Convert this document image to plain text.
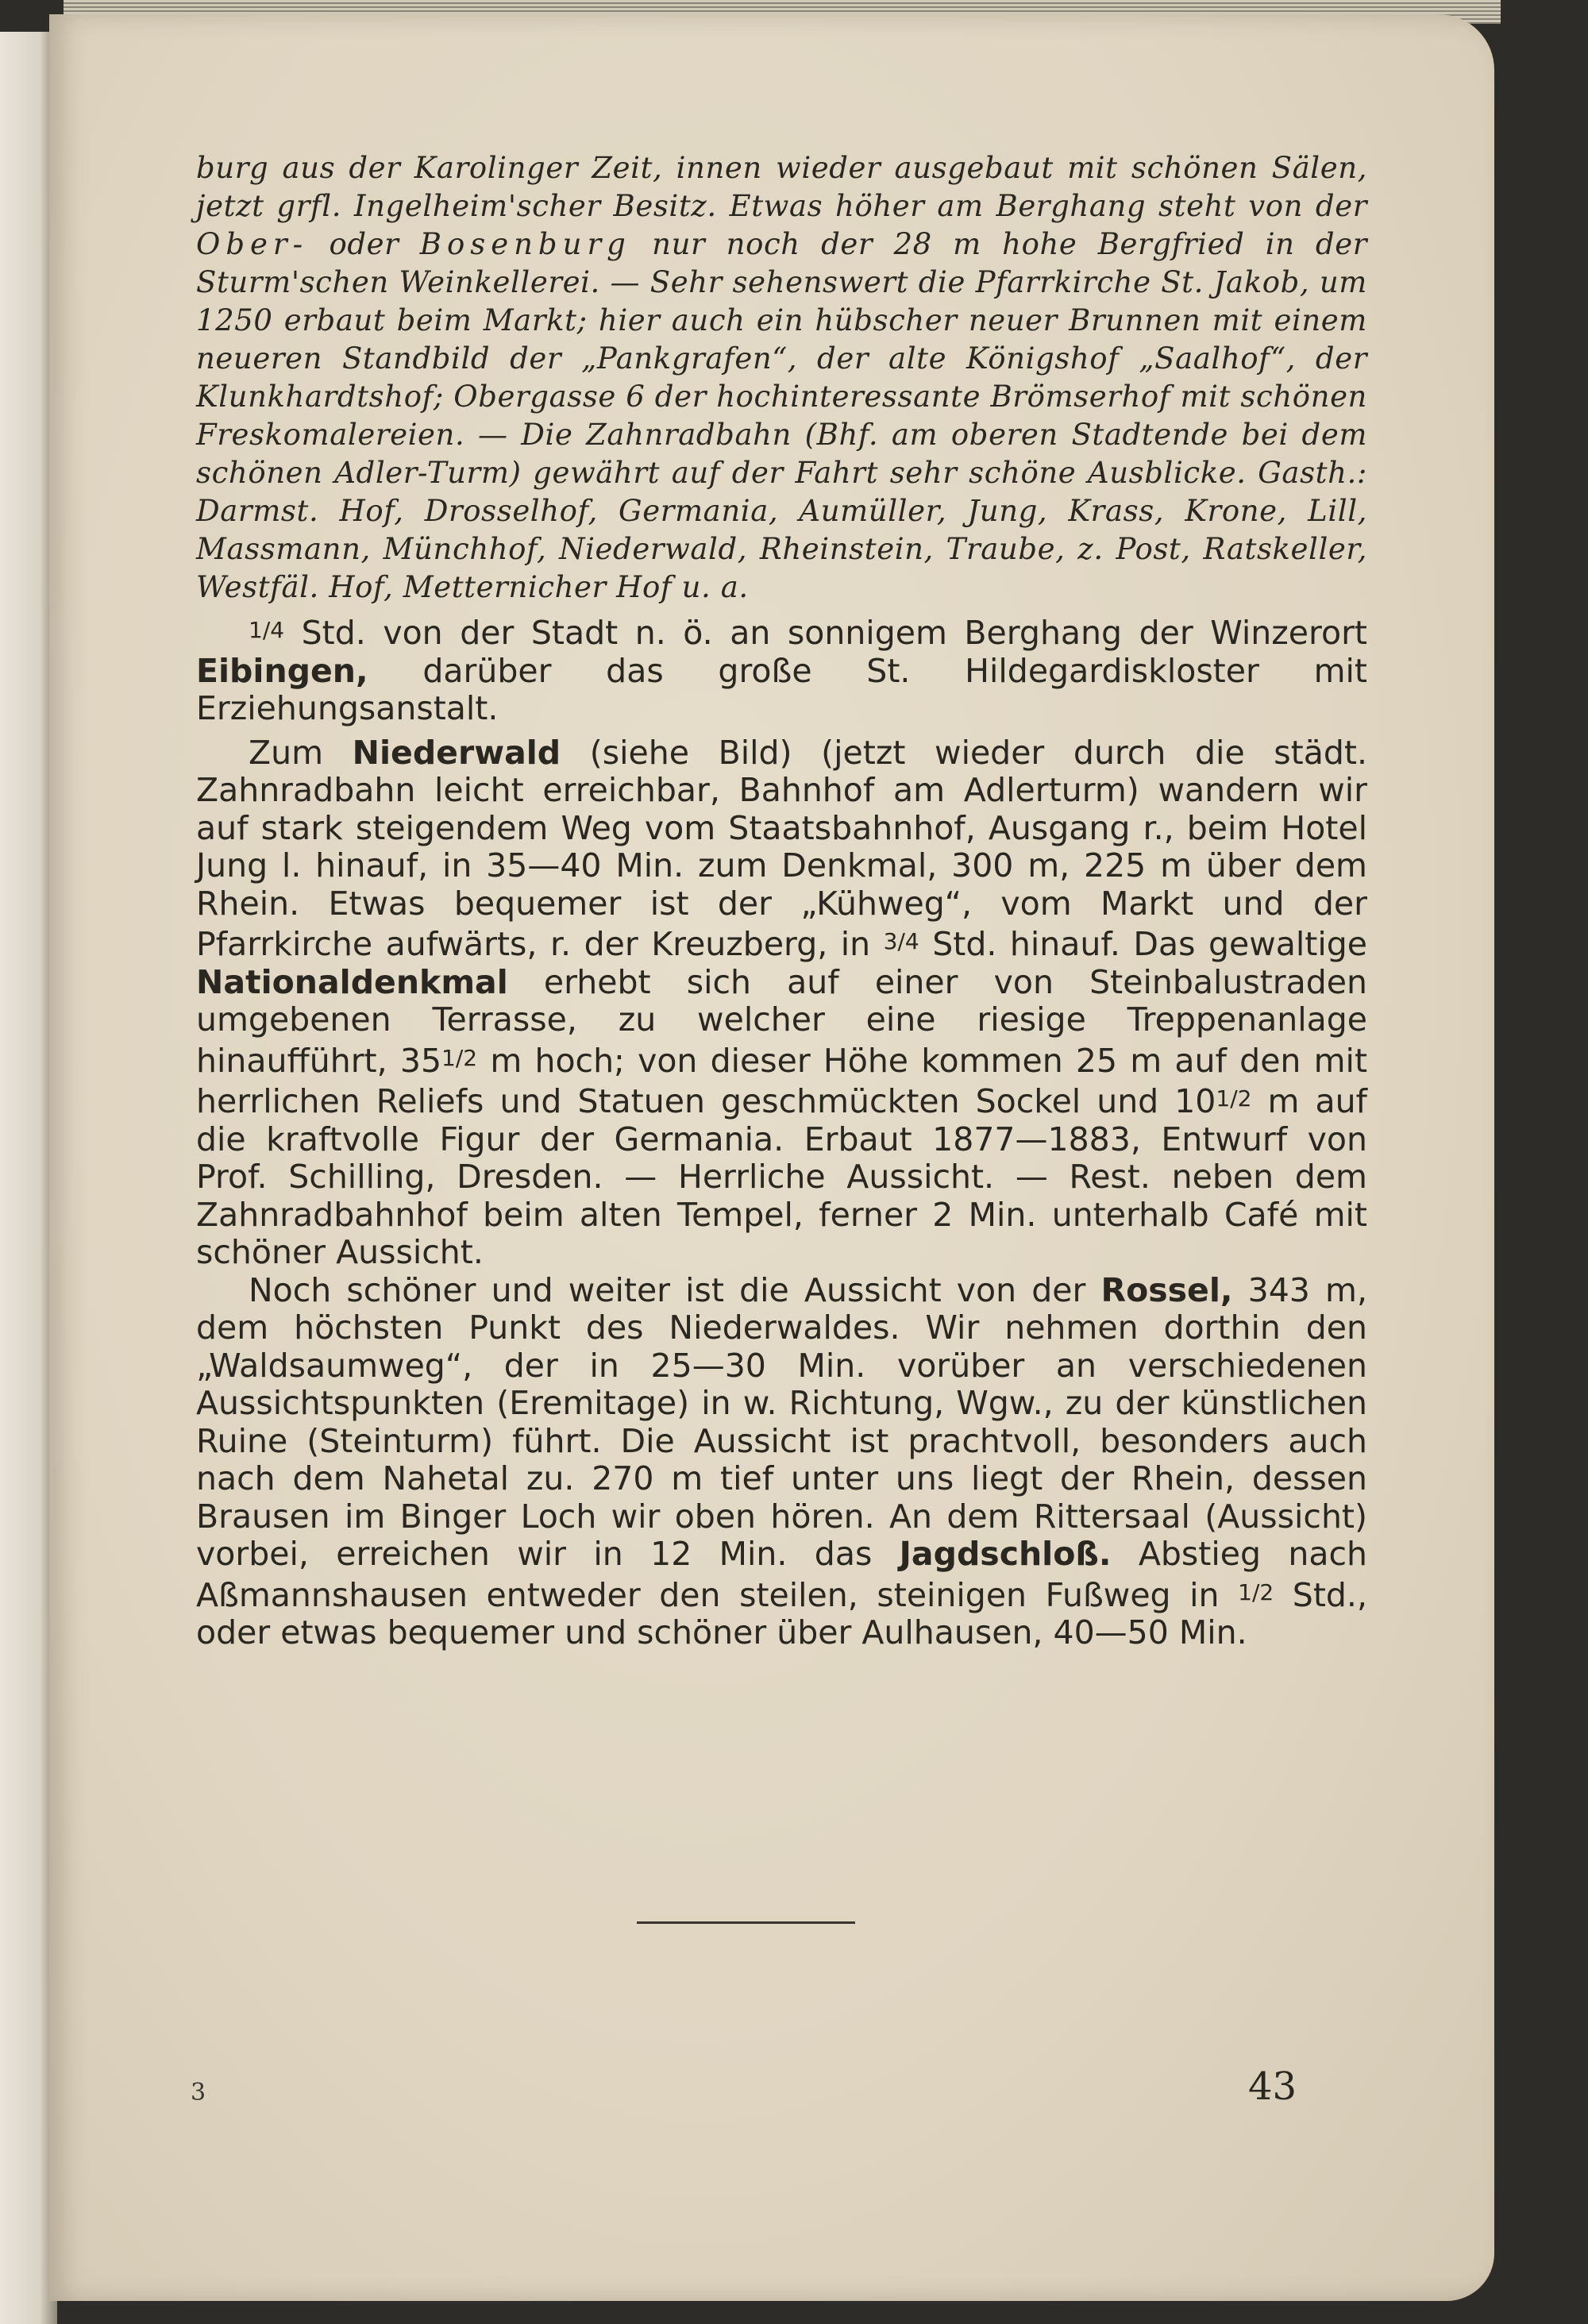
burg aus der Karolinger Zeit, innen wieder ausgebaut mit schönen Sälen, jetzt grfl. Ingelheim'scher Besitz. Etwas höher am Berghang steht von der Ober- oder Bosenburg nur noch der 28 m hohe Bergfried in der Sturm'schen Weinkellerei. — Sehr sehenswert die Pfarrkirche St. Jakob, um 1250 erbaut beim Markt; hier auch ein hübscher neuer Brunnen mit einem neueren Standbild der „Pankgrafen“, der alte Königshof „Saalhof“, der Klunkhardtshof; Obergasse 6 der hochinteressante Brömserhof mit schönen Freskomalereien. — Die Zahnradbahn (Bhf. am oberen Stadtende bei dem schönen Adler-Turm) gewährt auf der Fahrt sehr schöne Ausblicke. Gasth.: Darmst. Hof, Drosselhof, Germania, Aumüller, Jung, Krass, Krone, Lill, Massmann, Münchhof, Niederwald, Rheinstein, Traube, z. Post, Ratskeller, Westfäl. Hof, Metternicher Hof u. a.

1/4 Std. von der Stadt n. ö. an sonnigem Berghang der Winzerort Eibingen, darüber das große St. Hildegardiskloster mit Erziehungsanstalt.

Zum Niederwald (siehe Bild) (jetzt wieder durch die städt. Zahnradbahn leicht erreichbar, Bahnhof am Adlerturm) wandern wir auf stark steigendem Weg vom Staatsbahnhof, Ausgang r., beim Hotel Jung l. hinauf, in 35—40 Min. zum Denkmal, 300 m, 225 m über dem Rhein. Etwas bequemer ist der „Kühweg“, vom Markt und der Pfarrkirche aufwärts, r. der Kreuzberg, in 3/4 Std. hinauf. Das gewaltige Nationaldenkmal erhebt sich auf einer von Steinbalustraden umgebenen Terrasse, zu welcher eine riesige Treppenanlage hinaufführt, 351/2 m hoch; von dieser Höhe kommen 25 m auf den mit herrlichen Reliefs und Statuen geschmückten Sockel und 101/2 m auf die kraftvolle Figur der Germania. Erbaut 1877—1883, Entwurf von Prof. Schilling, Dresden. — Herrliche Aussicht. — Rest. neben dem Zahnradbahnhof beim alten Tempel, ferner 2 Min. unterhalb Café mit schöner Aussicht.

Noch schöner und weiter ist die Aussicht von der Rossel, 343 m, dem höchsten Punkt des Niederwaldes. Wir nehmen dorthin den „Waldsaumweg“, der in 25—30 Min. vorüber an verschiedenen Aussichtspunkten (Eremitage) in w. Richtung, Wgw., zu der künstlichen Ruine (Steinturm) führt. Die Aussicht ist prachtvoll, besonders auch nach dem Nahetal zu. 270 m tief unter uns liegt der Rhein, dessen Brausen im Binger Loch wir oben hören. An dem Rittersaal (Aussicht) vorbei, erreichen wir in 12 Min. das Jagdschloß. Abstieg nach Aßmannshausen entweder den steilen, steinigen Fußweg in 1/2 Std., oder etwas bequemer und schöner über Aulhausen, 40—50 Min.

3	43
